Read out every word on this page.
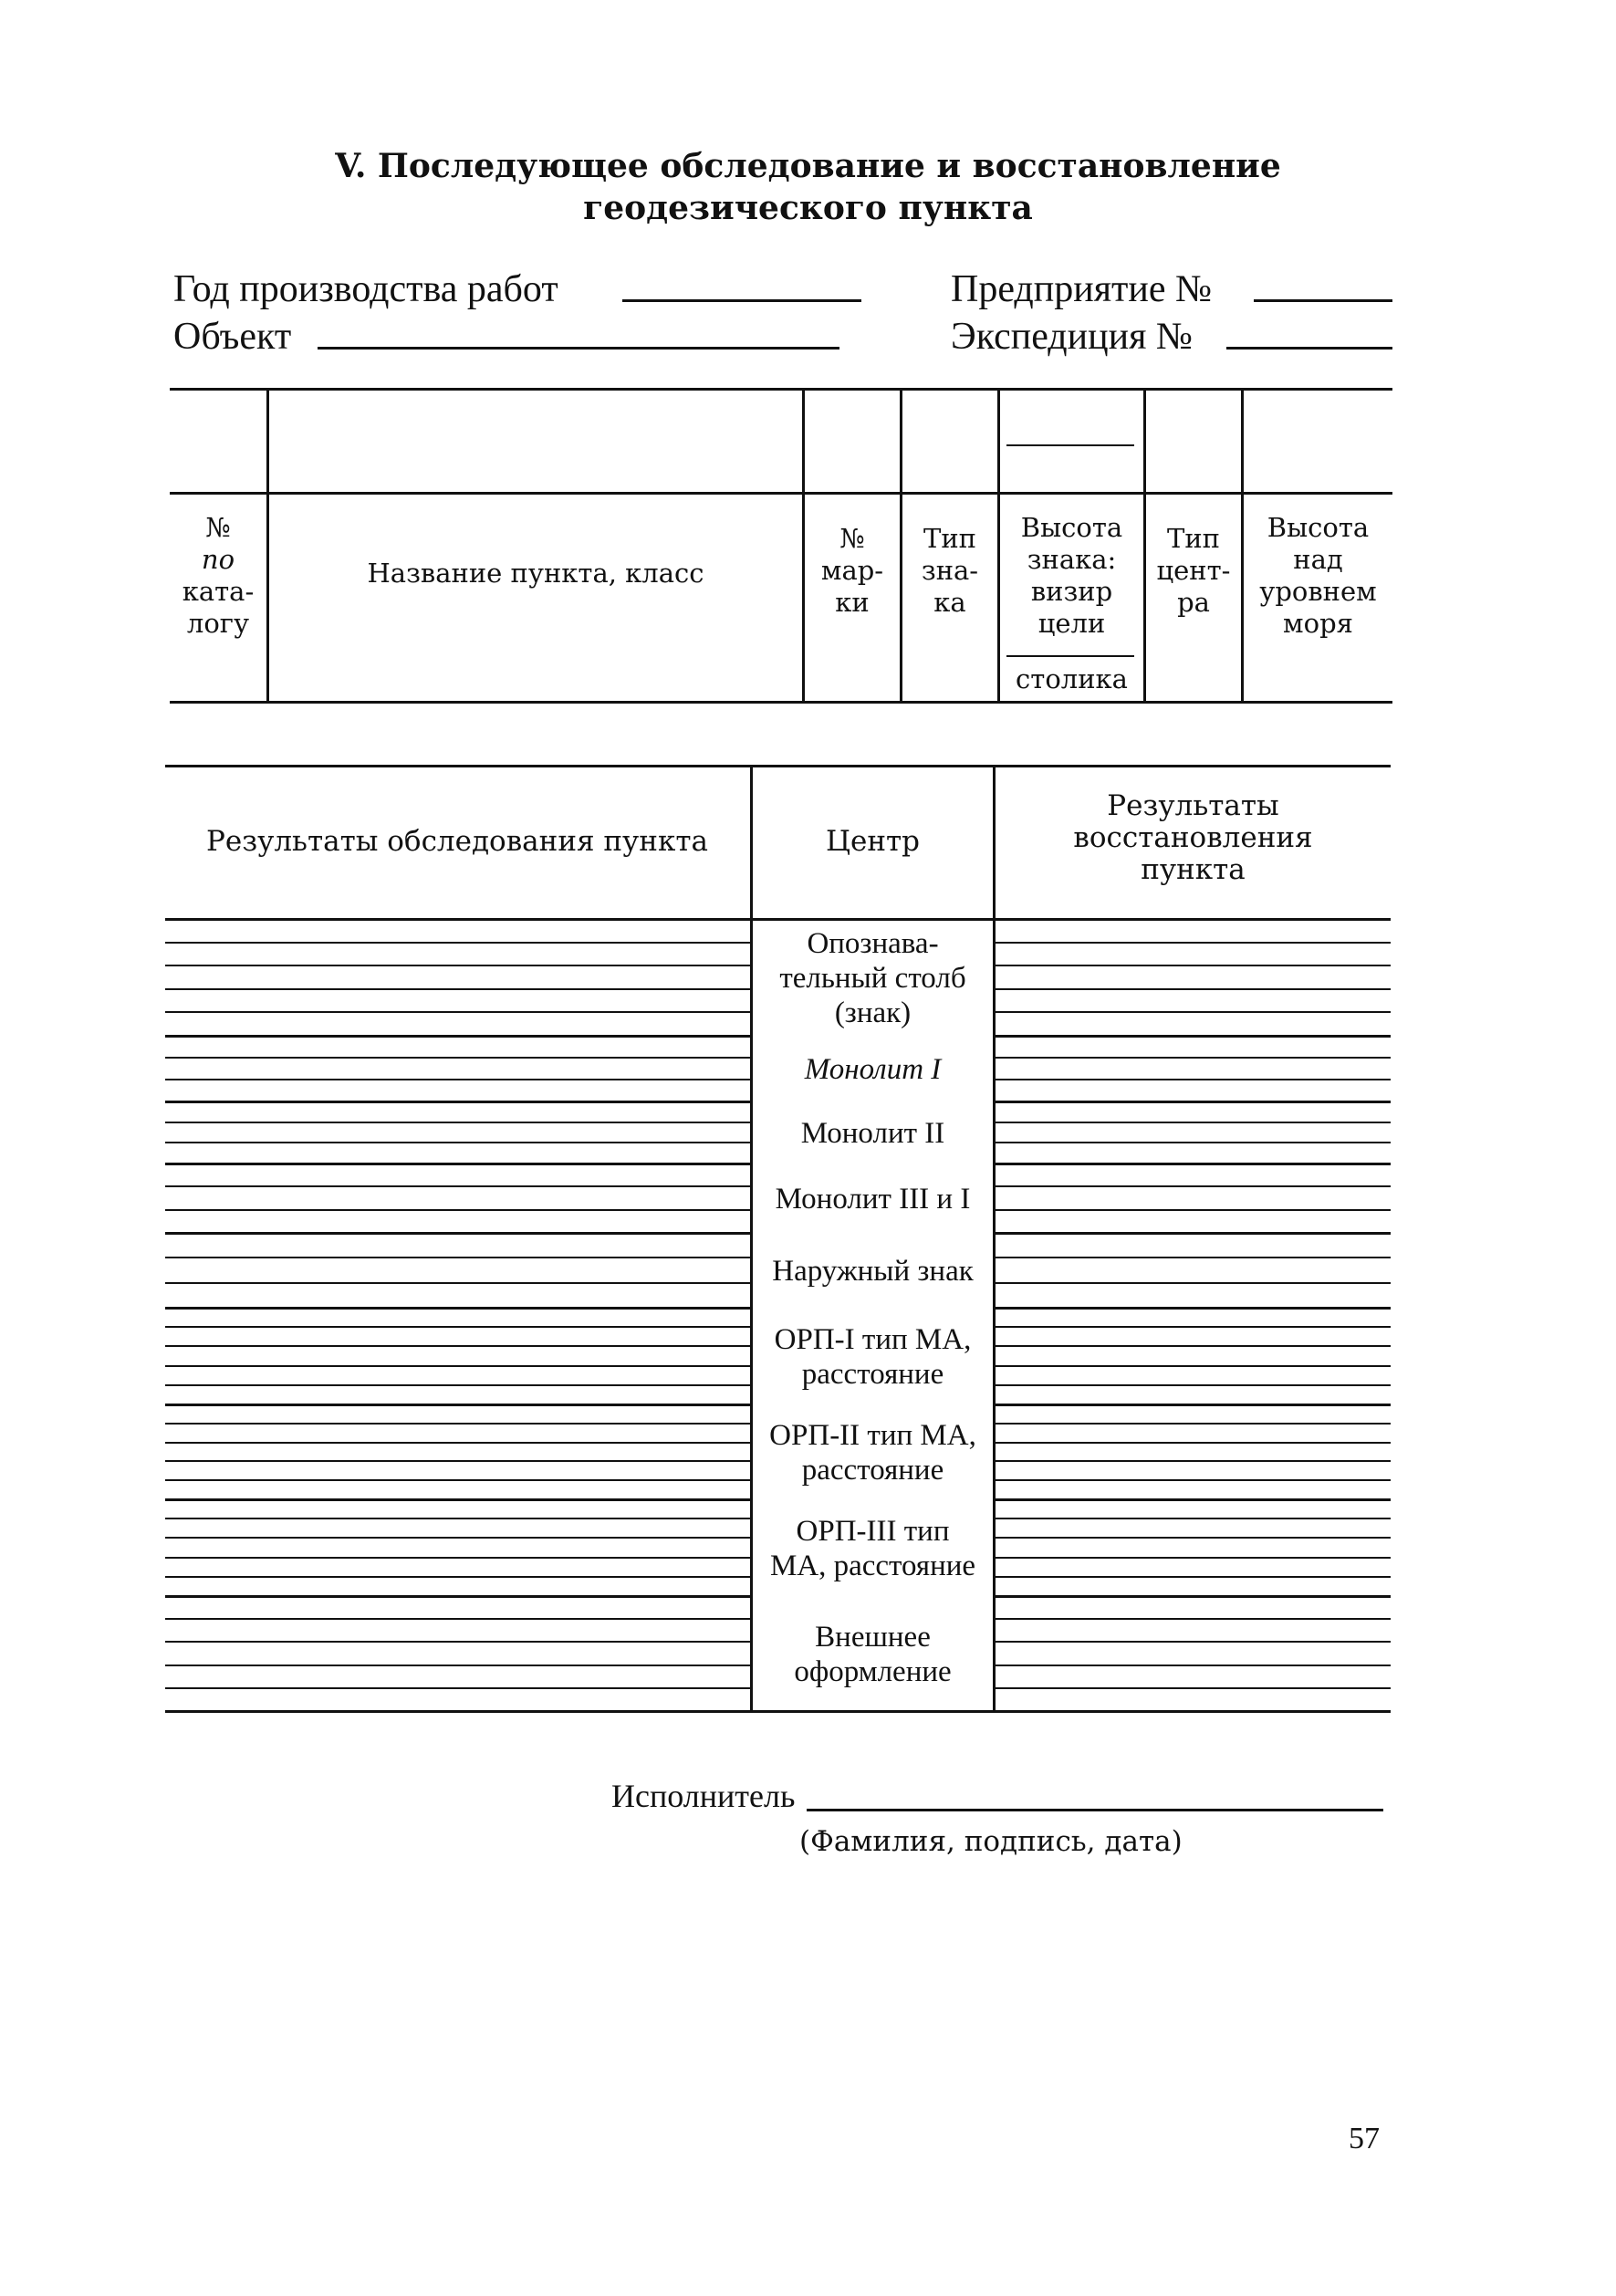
V. Последующее обследование и восстановление
геодезического пункта
Год производства работ
Объект
Предприятие №
Экспедиция №
№
по
ката-
логу
Название пункта, класс
№
мар-
ки
Тип
зна-
ка
Высота
знака:
визир
цели
столика
Тип
цент-
ра
Высота
над
уровнем
моря
Результаты обследования пункта	Центр
Результаты
восстановления
пункта
Опознава-
тельный столб
(знак)
Монолит I
Монолит II
Монолит III и I
Наружный знак
ОРП-I тип МА,
расстояние
ОРП-II тип МА,
расстояние
ОРП-III тип
МА, расстояние
Внешнее
оформление
Исполнитель
(Фамилия, подпись, дата)
57
